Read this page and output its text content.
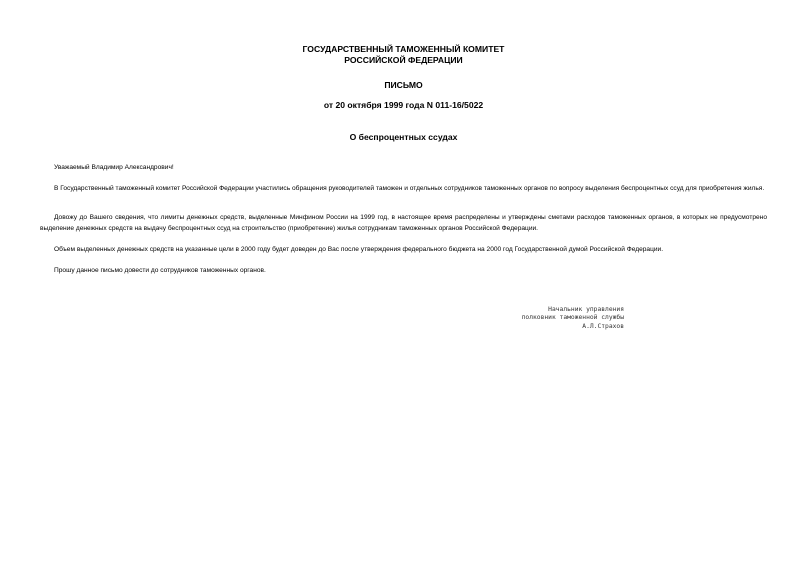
ГОСУДАРСТВЕННЫЙ ТАМОЖЕННЫЙ КОМИТЕТ
РОССИЙСКОЙ ФЕДЕРАЦИИ
ПИСЬМО
от 20 октября 1999 года N 011-16/5022
О беспроцентных ссудах
Уважаемый Владимир Александрович!
В Государственный таможенный комитет Российской Федерации участились обращения руководителей таможен и отдельных сотрудников таможенных органов по вопросу выделения беспроцентных ссуд для приобретения жилья.
Довожу до Вашего сведения, что лимиты денежных средств, выделенные Минфином России на 1999 год, в настоящее время распределены и утверждены сметами расходов таможенных органов, в которых не предусмотрено выделение денежных средств на выдачу беспроцентных ссуд на строительство (приобретение) жилья сотрудникам таможенных органов Российской Федерации.
Объем выделенных денежных средств на указанные цели в 2000 году будет доведен до Вас после утверждения федерального бюджета на 2000 год Государственной думой Российской Федерации.
Прошу данное письмо довести до сотрудников таможенных органов.
Начальник управления
полковник таможенной службы
А.Л.Страхов
